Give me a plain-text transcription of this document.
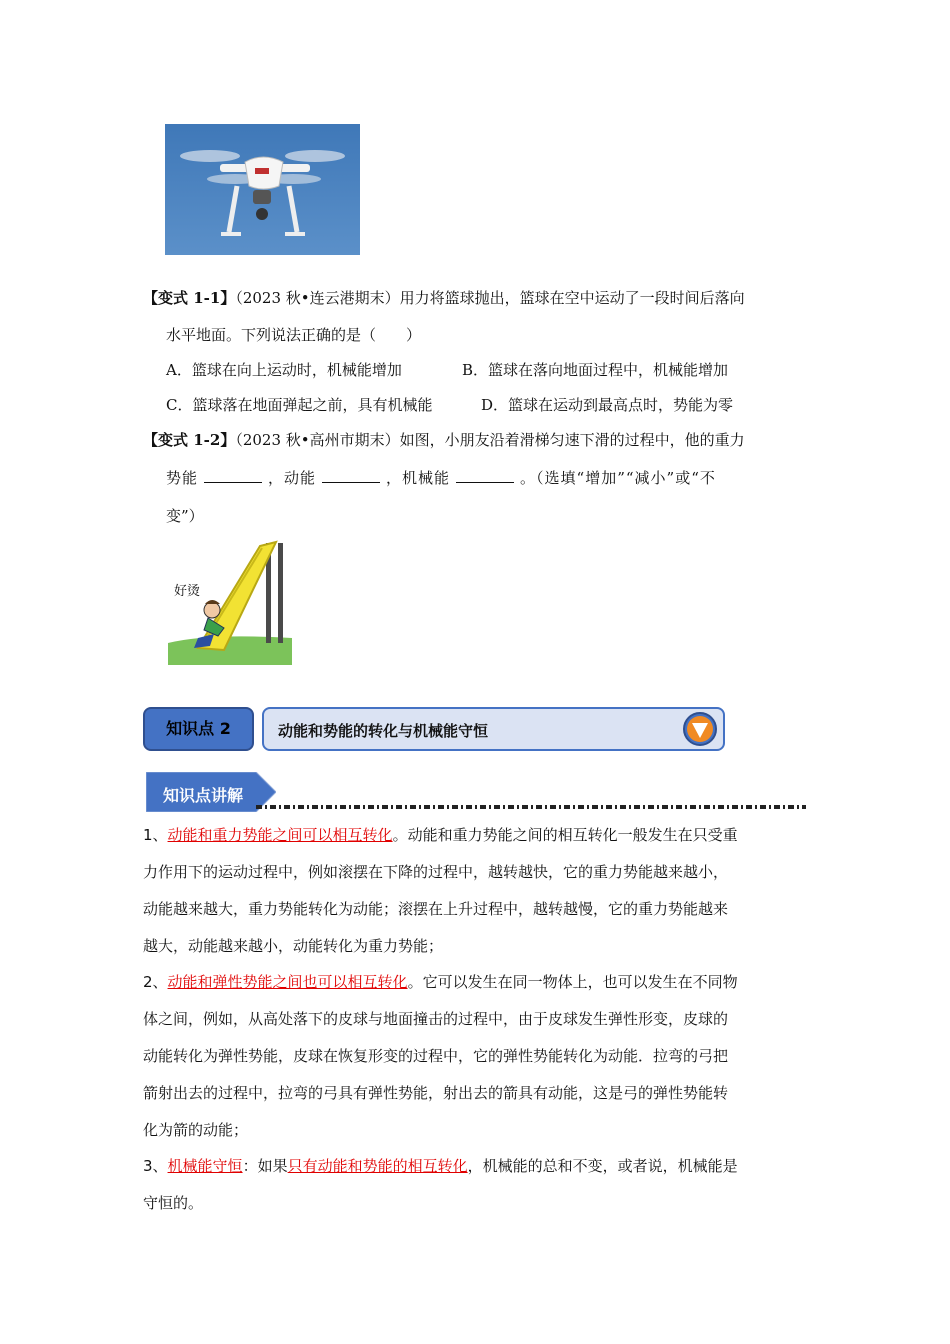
【变式 1-1】（2023 秋•连云港期末）用力将篮球抛出，篮球在空中运动了一段时间后落向
水平地面。下列说法正确的是（　　）
A．篮球在向上运动时，机械能增加	B．篮球在落向地面过程中，机械能增加
C．篮球落在地面弹起之前，具有机械能	D．篮球在运动到最高点时，势能为零
【变式 1-2】（2023 秋•高州市期末）如图，小朋友沿着滑梯匀速下滑的过程中，他的重力
势能	，动能	，机械能	。（选填“增加”“减小”或“不
变”）
好烫
知识点 2	动能和势能的转化与机械能守恒
知识点讲解
1、动能和重力势能之间可以相互转化。动能和重力势能之间的相互转化一般发生在只受重
力作用下的运动过程中，例如滚摆在下降的过程中，越转越快，它的重力势能越来越小，
动能越来越大，重力势能转化为动能；滚摆在上升过程中，越转越慢，它的重力势能越来
越大，动能越来越小，动能转化为重力势能；
2、动能和弹性势能之间也可以相互转化。它可以发生在同一物体上，也可以发生在不同物
体之间，例如，从高处落下的皮球与地面撞击的过程中，由于皮球发生弹性形变，皮球的
动能转化为弹性势能，皮球在恢复形变的过程中，它的弹性势能转化为动能．拉弯的弓把
箭射出去的过程中，拉弯的弓具有弹性势能，射出去的箭具有动能，这是弓的弹性势能转
化为箭的动能；
3、机械能守恒：如果只有动能和势能的相互转化，机械能的总和不变，或者说，机械能是
守恒的。
